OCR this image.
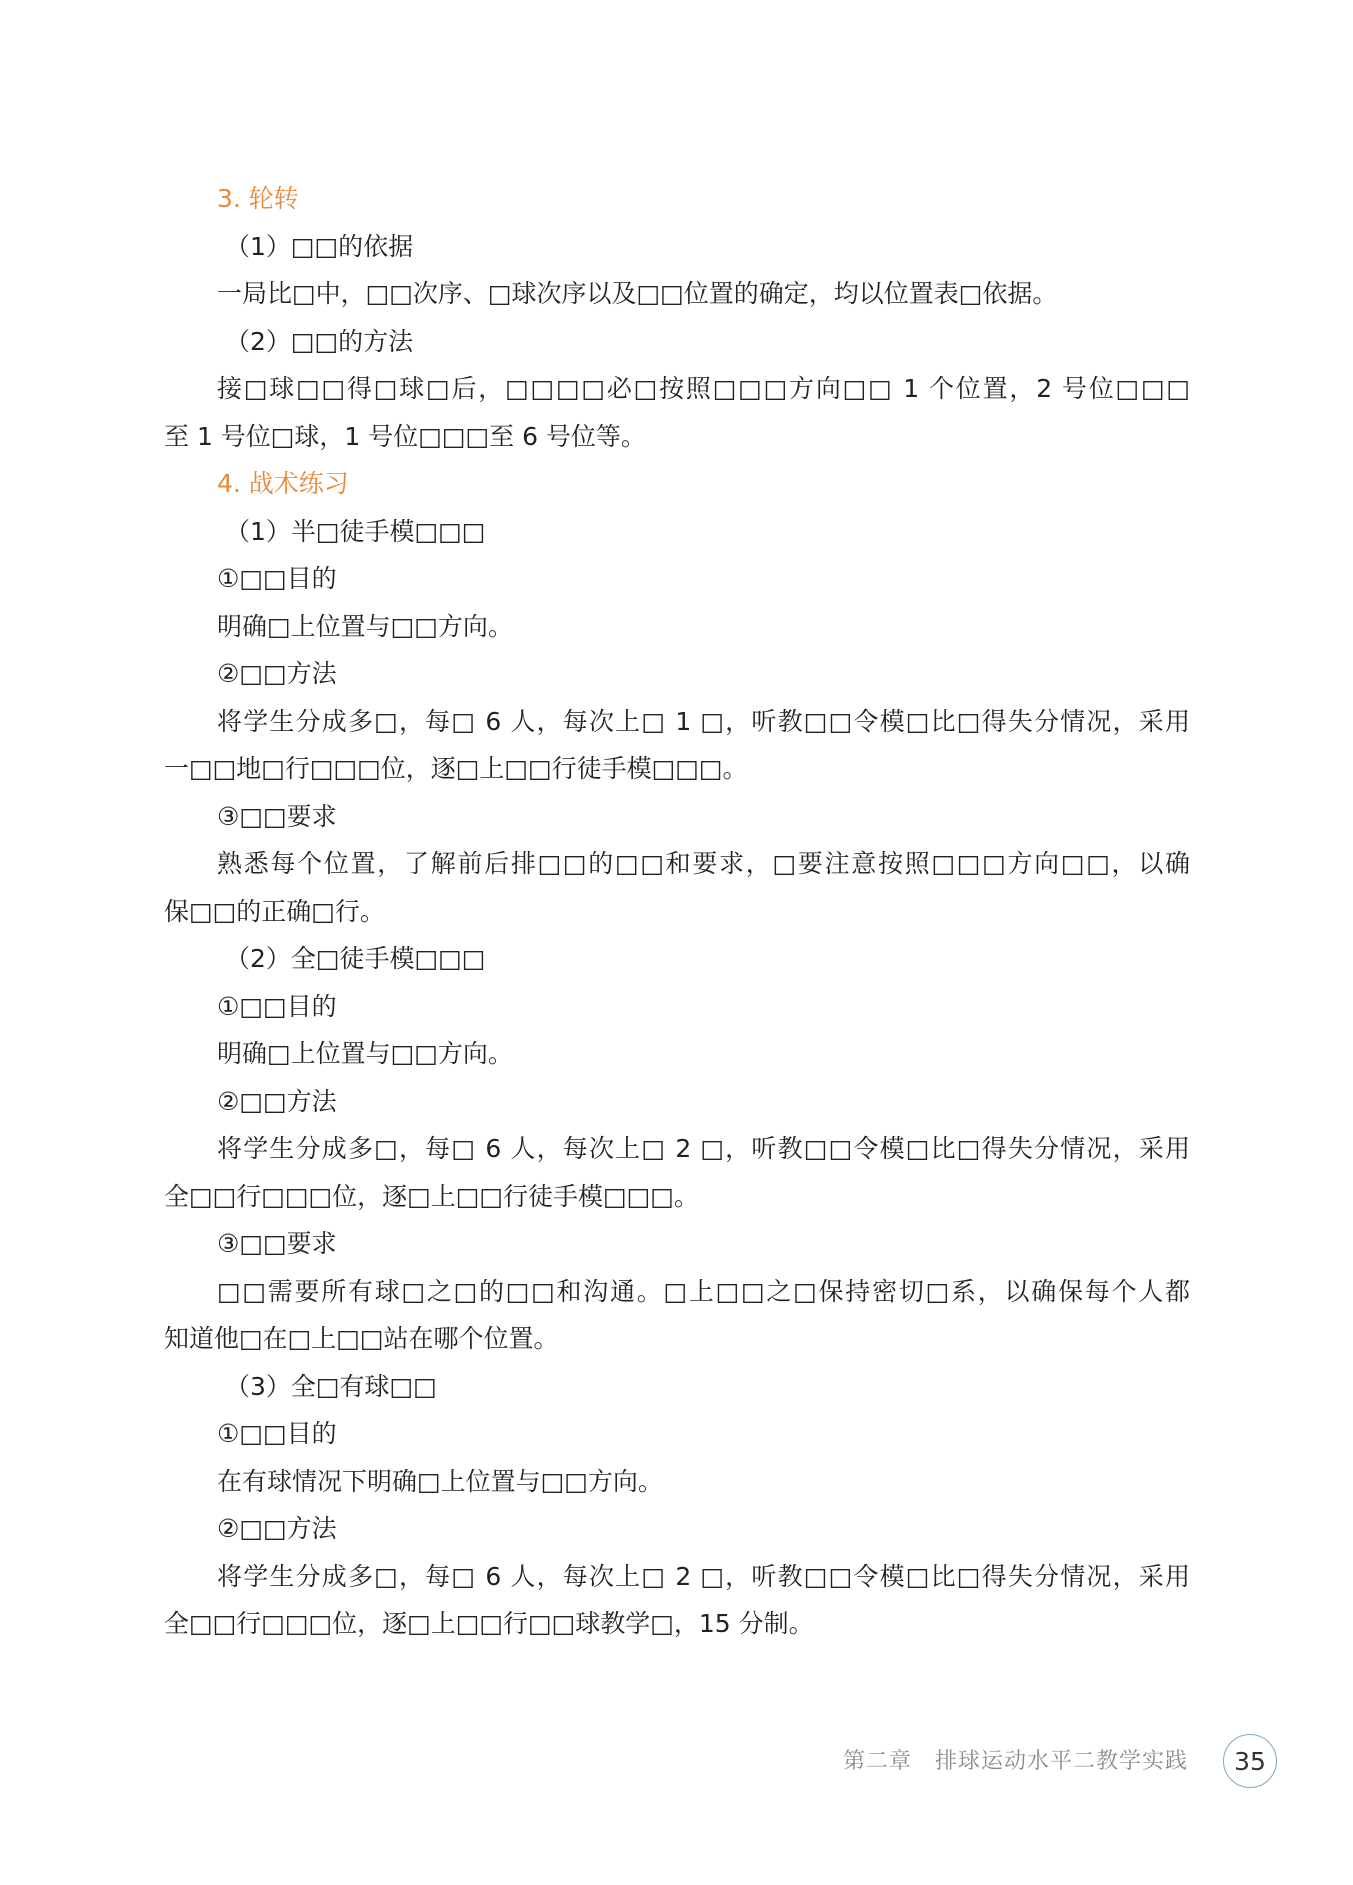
3. 轮转
（1）□□的依据
一局比□中，□□次序、□球次序以及□□位置的确定，均以位置表□依据。
（2）□□的方法
接□球□□得□球□后，□□□□必□按照□□□方向□□ 1 个位置，2 号位□□□
至 1 号位□球，1 号位□□□至 6 号位等。
4. 战术练习
（1）半□徒手模□□□
①□□目的
明确□上位置与□□方向。
②□□方法
将学生分成多□，每□ 6 人，每次上□ 1 □，听教□□令模□比□得失分情况，采用
一□□地□行□□□位，逐□上□□行徒手模□□□。
③□□要求
熟悉每个位置，了解前后排□□的□□和要求，□要注意按照□□□方向□□，以确
保□□的正确□行。
（2）全□徒手模□□□
①□□目的
明确□上位置与□□方向。
②□□方法
将学生分成多□，每□ 6 人，每次上□ 2 □，听教□□令模□比□得失分情况，采用
全□□行□□□位，逐□上□□行徒手模□□□。
③□□要求
□□需要所有球□之□的□□和沟通。□上□□之□保持密切□系，以确保每个人都
知道他□在□上□□站在哪个位置。
（3）全□有球□□
①□□目的
在有球情况下明确□上位置与□□方向。
②□□方法
将学生分成多□，每□ 6 人，每次上□ 2 □，听教□□令模□比□得失分情况，采用
全□□行□□□位，逐□上□□行□□球教学□，15 分制。
第二章　排球运动水平二教学实践	35
